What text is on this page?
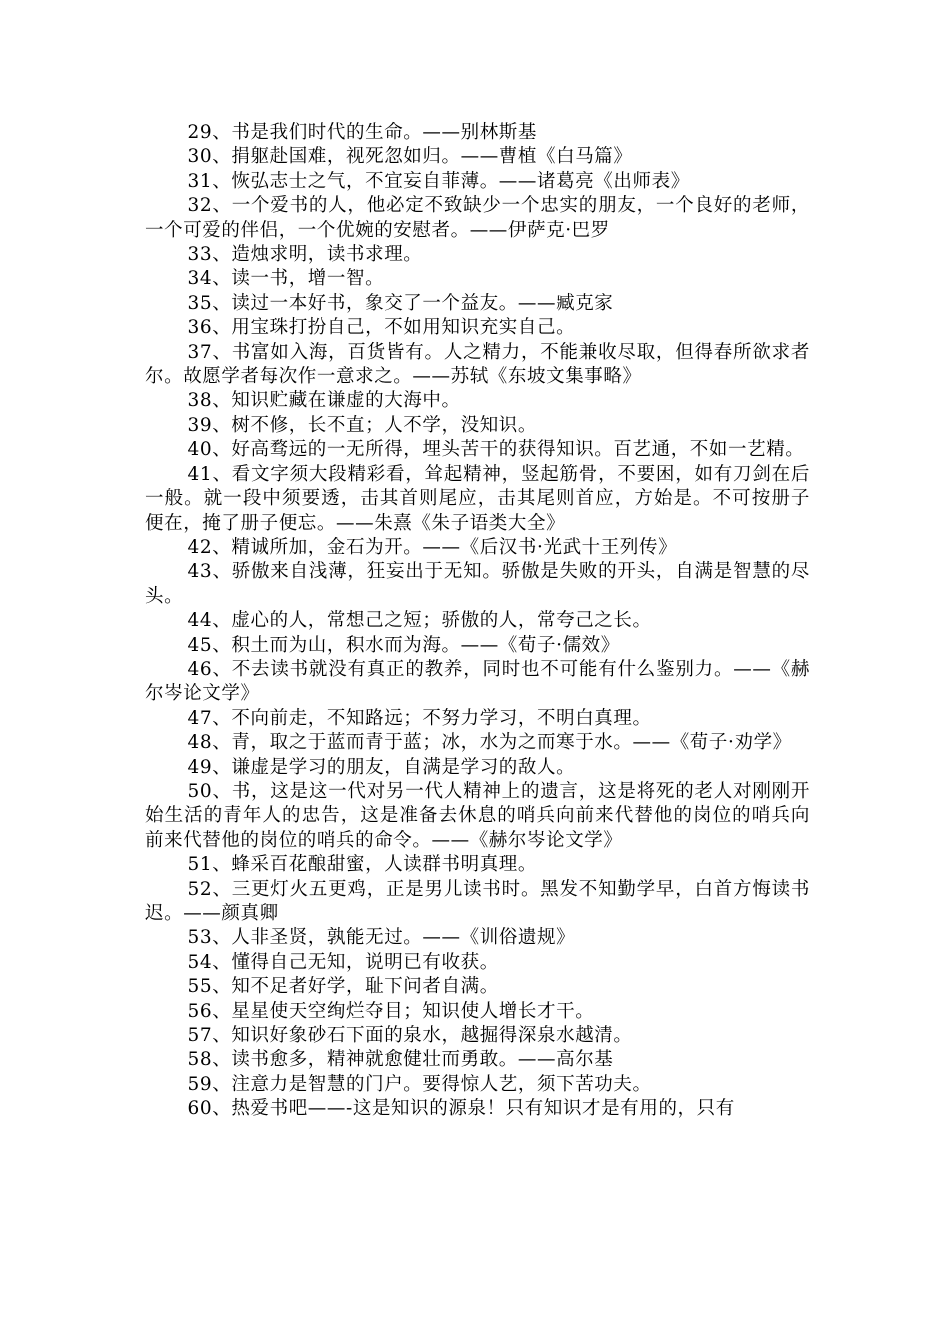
29、书是我们时代的生命。——别林斯基

30、捐躯赴国难，视死忽如归。——曹植《白马篇》

31、恢弘志士之气，不宜妄自菲薄。——诸葛亮《出师表》

32、一个爱书的人，他必定不致缺少一个忠实的朋友，一个良好的老师，一个可爱的伴侣，一个优婉的安慰者。——伊萨克·巴罗

33、造烛求明，读书求理。

34、读一书，增一智。

35、读过一本好书，象交了一个益友。——臧克家

36、用宝珠打扮自己，不如用知识充实自己。

37、书富如入海，百货皆有。人之精力，不能兼收尽取，但得春所欲求者尔。故愿学者每次作一意求之。——苏轼《东坡文集事略》

38、知识贮藏在谦虚的大海中。

39、树不修，长不直；人不学，没知识。

40、好高骛远的一无所得，埋头苦干的获得知识。百艺通，不如一艺精。

41、看文字须大段精彩看，耸起精神，竖起筋骨，不要困，如有刀剑在后一般。就一段中须要透，击其首则尾应，击其尾则首应，方始是。不可按册子便在，掩了册子便忘。——朱熹《朱子语类大全》

42、精诚所加，金石为开。——《后汉书·光武十王列传》

43、骄傲来自浅薄，狂妄出于无知。骄傲是失败的开头，自满是智慧的尽头。

44、虚心的人，常想己之短；骄傲的人，常夸己之长。

45、积土而为山，积水而为海。——《荀子·儒效》

46、不去读书就没有真正的教养，同时也不可能有什么鉴别力。——《赫尔岑论文学》

47、不向前走，不知路远；不努力学习，不明白真理。

48、青，取之于蓝而青于蓝；冰，水为之而寒于水。——《荀子·劝学》

49、谦虚是学习的朋友，自满是学习的敌人。

50、书，这是这一代对另一代人精神上的遗言，这是将死的老人对刚刚开始生活的青年人的忠告，这是准备去休息的哨兵向前来代替他的岗位的哨兵向前来代替他的岗位的哨兵的命令。——《赫尔岑论文学》

51、蜂采百花酿甜蜜，人读群书明真理。

52、三更灯火五更鸡，正是男儿读书时。黑发不知勤学早，白首方悔读书迟。——颜真卿

53、人非圣贤，孰能无过。——《训俗遗规》

54、懂得自己无知，说明已有收获。

55、知不足者好学，耻下问者自满。

56、星星使天空绚烂夺目；知识使人增长才干。

57、知识好象砂石下面的泉水，越掘得深泉水越清。

58、读书愈多，精神就愈健壮而勇敢。——高尔基

59、注意力是智慧的门户。要得惊人艺，须下苦功夫。

60、热爱书吧——-这是知识的源泉！只有知识才是有用的，只有
